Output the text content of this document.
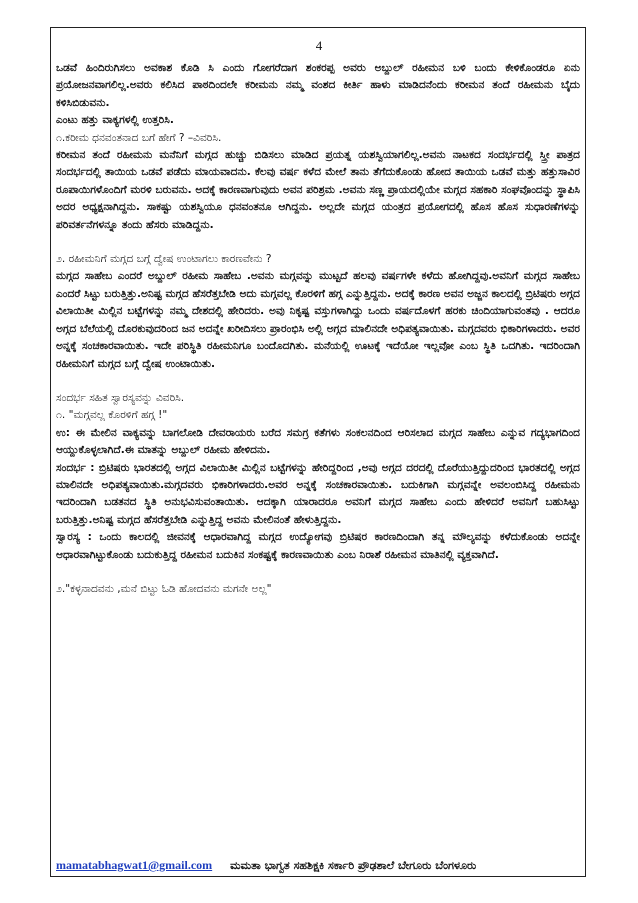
4

ಒಡವೆ ಹಿಂದಿರುಗಿಸಲು ಅವಕಾಶ ಕೊಡಿ ಸಿ ಎಂದು ಗೋಗರೆದಾಗ ಶಂಕರಪ್ಪ ಅವರು ಅಬ್ದುಲ್ ರಹೀಮನ ಬಳಿ ಬಂದು ಕೇಳಿಕೊಂಡರೂ ಏನು ಪ್ರಯೋಜನವಾಗಲಿಲ್ಲ.ಅವರು ಕಲಿಸಿದ ಪಾಠದಿಂದಲೇ ಕರೀಮನು ನಮ್ಮ ವಂಶದ ಕೀರ್ತಿ ಹಾಳು ಮಾಡಿದನೆಂದು ಕರೀಮನ ತಂದೆ ರಹೀಮನು ಬೈದು ಕಳಿಸಿಬಿಡುವನು.

ಎಂಟು ಹತ್ತು ವಾಕ್ಯಗಳಲ್ಲಿ ಉತ್ತರಿಸಿ.

೧.ಕರೀಮ ಧನವಂತನಾದ ಬಗೆ ಹೇಗೆ ? –ವಿವರಿಸಿ.

ಕರೀಮನ ತಂದೆ ರಹೀಮನು ಮನೆನಿಗೆ ಮಗ್ಗದ ಹುಚ್ಚು ಬಿಡಿಸಲು ಮಾಡಿದ ಪ್ರಯತ್ನ ಯಶಸ್ವಿಯಾಗಲಿಲ್ಲ.ಅವನು ನಾಟಕದ ಸಂದರ್ಭದಲ್ಲಿ ಸ್ತ್ರೀ ಪಾತ್ರದ ಸಂದರ್ಭದಲ್ಲಿ ತಾಯಿಯ ಒಡವೆ ಪಡೆದು ಮಾಯವಾದನು. ಕೆಲವು ವರ್ಷ ಕಳೆದ ಮೇಲೆ ತಾನು ತೆಗೆದುಕೊಂಡು ಹೋದ ತಾಯಿಯ ಒಡವೆ ಮತ್ತು ಹತ್ತುಸಾವಿರ ರೂಪಾಯಿಗಳೊಂದಿಗೆ ಮರಳಿ ಬರುವನು. ಅದಕ್ಕೆ ಕಾರಣವಾಗುವುದು ಅವನ ಪರಿಶ್ರಮ .ಅವನು ಸಣ್ಣ ಪ್ರಾಯದಲ್ಲಿಯೇ ಮಗ್ಗದ ಸಹಕಾರಿ ಸಂಘವೊಂದನ್ನು ಸ್ಥಾಪಿಸಿ ಅದರ ಅಧ್ಯಕ್ಷನಾಗಿದ್ದನು. ಸಾಕಷ್ಟು ಯಶಸ್ವಿಯೂ ಧನವಂತನೂ ಆಗಿದ್ದನು. ಅಲ್ಲದೇ ಮಗ್ಗದ ಯಂತ್ರದ ಪ್ರಯೋಗದಲ್ಲಿ ಹೊಸ ಹೊಸ ಸುಧಾರಣೆಗಳನ್ನು ಪರಿವರ್ತನೆಗಳನ್ನೂ ತಂದು ಹೆಸರು ಮಾಡಿದ್ದನು.

೨. ರಹೀಮನಿಗೆ ಮಗ್ಗದ ಬಗ್ಗೆ ದ್ವೇಷ ಉಂಟಾಗಲು ಕಾರಣವೇನು ?

ಮಗ್ಗದ ಸಾಹೇಬ ಎಂದರೆ ಅಬ್ದುಲ್ ರಹೀಮ ಸಾಹೇಬ .ಅವನು ಮಗ್ಗವನ್ನು ಮುಟ್ಟದೆ ಹಲವು ವರ್ಷಗಳೇ ಕಳೆದು ಹೋಗಿದ್ದವು.ಅವನಿಗೆ ಮಗ್ಗದ ಸಾಹೇಬ ಎಂದರೆ ಸಿಟ್ಟು ಬರುತ್ತಿತ್ತು.ಅನಿಷ್ಟ ಮಗ್ಗದ ಹೆಸರೆತ್ತಬೇಡಿ ಅದು ಮಗ್ಗವಲ್ಲ ಕೊರಳಿಗೆ ಹಗ್ಗ ಎನ್ನುತ್ತಿದ್ದನು. ಅದಕ್ಕೆ ಕಾರಣ ಅವನ ಅಜ್ಜನ ಕಾಲದಲ್ಲಿ ಬ್ರಿಟಿಷರು ಅಗ್ಗದ ವಿಲಾಯಿತೀ ಮಿಲ್ಲಿನ ಬಟ್ಟೆಗಳನ್ನು ನಮ್ಮ ದೇಶದಲ್ಲಿ ಹೇರಿದರು. ಅವು ನಿಕೃಷ್ಟ ವಸ್ತುಗಳಾಗಿದ್ದು ಒಂದು ವರ್ಷದೊಳಗೆ ಹರಕು ಚಿಂದಿಯಾಗುವಂತವು . ಆದರೂ ಅಗ್ಗದ ಬೆಲೆಯಲ್ಲಿ ದೊರಕುವುದರಿಂದ ಜನ ಅದನ್ನೇ ಖರೀದಿಸಲು ಪ್ರಾರಂಭಿಸಿ ಅಲ್ಲಿ ಅಗ್ಗದ ಮಾಲಿನದೇ ಅಧಿಪತ್ಯವಾಯಿತು. ಮಗ್ಗದವರು ಭಿಕಾರಿಗಳಾದರು. ಅವರ ಅನ್ನಕ್ಕೆ ಸಂಚಕಾರವಾಯಿತು. ಇದೇ ಪರಿಸ್ಥಿತಿ ರಹೀಮನಿಗೂ ಬಂದೊದಗಿತು. ಮನೆಯಲ್ಲಿ ಊಟಕ್ಕೆ ಇದೆಯೋ ಇಲ್ಲವೋ ಎಂಬ ಸ್ಥಿತಿ ಒದಗಿತು. ಇದರಿಂದಾಗಿ ರಹೀಮನಿಗೆ ಮಗ್ಗದ ಬಗ್ಗೆ ದ್ವೇಷ ಉಂಟಾಯಿತು.

ಸಂದರ್ಭ ಸಹಿತ ಸ್ವಾರಸ್ಯವನ್ನು ವಿವರಿಸಿ.

೧. "ಮಗ್ಗವಲ್ಲ ಕೊರಳಿಗೆ ಹಗ್ಗ !"

ಉ: ಈ ಮೇಲಿನ ವಾಕ್ಯವನ್ನು ಬಾಗಲೋಡಿ ದೇವರಾಯರು ಬರೆದ ಸಮಗ್ರ ಕತೆಗಳು ಸಂಕಲನದಿಂದ ಆರಿಸಲಾದ ಮಗ್ಗದ ಸಾಹೇಬ ಎನ್ನುವ ಗದ್ಯಭಾಗದಿಂದ ಆಯ್ದುಕೊಳ್ಳಲಾಗಿದೆ.ಈ ಮಾತನ್ನು ಅಬ್ದುಲ್ ರಹೀಮ ಹೇಳಿದನು.

ಸಂದರ್ಭ : ಬ್ರಿಟಿಷರು ಭಾರತದಲ್ಲಿ ಅಗ್ಗದ ವಿಲಾಯಿತೀ ಮಿಲ್ಲಿನ ಬಟ್ಟೆಗಳನ್ನು ಹೇರಿದ್ದರಿಂದ ,ಅವು ಅಗ್ಗದ ದರದಲ್ಲಿ ದೊರೆಯುತ್ತಿದ್ದುದರಿಂದ ಭಾರತದಲ್ಲಿ ಅಗ್ಗದ ಮಾಲಿನದೇ ಅಧಿಪತ್ಯವಾಯಿತು.ಮಗ್ಗದವರು ಭಿಕಾರಿಗಳಾದರು.ಅವರ ಅನ್ನಕ್ಕೆ ಸಂಚಕಾರವಾಯಿತು. ಬದುಕಿಗಾಗಿ ಮಗ್ಗವನ್ನೇ ಅವಲಂಬಿಸಿದ್ದ ರಹೀಮನು ಇದರಿಂದಾಗಿ ಬಡತನದ ಸ್ಥಿತಿ ಅನುಭವಿಸುವಂತಾಯಿತು. ಆದಕ್ಕಾಗಿ ಯಾರಾದರೂ ಅವನಿಗೆ ಮಗ್ಗದ ಸಾಹೇಬ ಎಂದು ಹೇಳಿದರೆ ಅವನಿಗೆ ಬಹುಸಿಟ್ಟು ಬರುತ್ತಿತ್ತು.ಅನಿಷ್ಟ ಮಗ್ಗದ ಹೆಸರೆತ್ತಬೇಡಿ ಎನ್ನುತ್ತಿದ್ದ ಅವನು ಮೇಲಿನಂತೆ ಹೇಳುತ್ತಿದ್ದನು.

ಸ್ವಾರಸ್ಯ : ಒಂದು ಕಾಲದಲ್ಲಿ ಜೀವನಕ್ಕೆ ಆಧಾರವಾಗಿದ್ದ ಮಗ್ಗದ ಉದ್ಯೋಗವು ಬ್ರಿಟಿಷರ ಕಾರಣದಿಂದಾಗಿ ತನ್ನ ಮೌಲ್ಯವನ್ನು ಕಳೆದುಕೊಂಡು ಅದನ್ನೇ ಆಧಾರವಾಗಿಟ್ಟುಕೊಂಡು ಬದುಕುತ್ತಿದ್ದ ರಹೀಮನ ಬದುಕಿನ ಸಂಕಷ್ಟಕ್ಕೆ ಕಾರಣವಾಯಿತು ಎಂಬ ನಿರಾಶೆ ರಹೀಮನ ಮಾತಿನಲ್ಲಿ ವ್ಯಕ್ತವಾಗಿದೆ.

೨."ಕಳ್ಳನಾದವನು ,ಮನೆ ಬಿಟ್ಟು ಓಡಿ ಹೋದವನು ಮಗನೇ ಅಲ್ಲ"

mamatabhagwat1@gmail.com ಮಮತಾ ಭಾಗ್ವತ ಸಹಶಿಕ್ಷಕಿ ಸರ್ಕಾರಿ ಪ್ರೌಢಶಾಲೆ ಬೇಗೂರು ಬೆಂಗಳೂರು
